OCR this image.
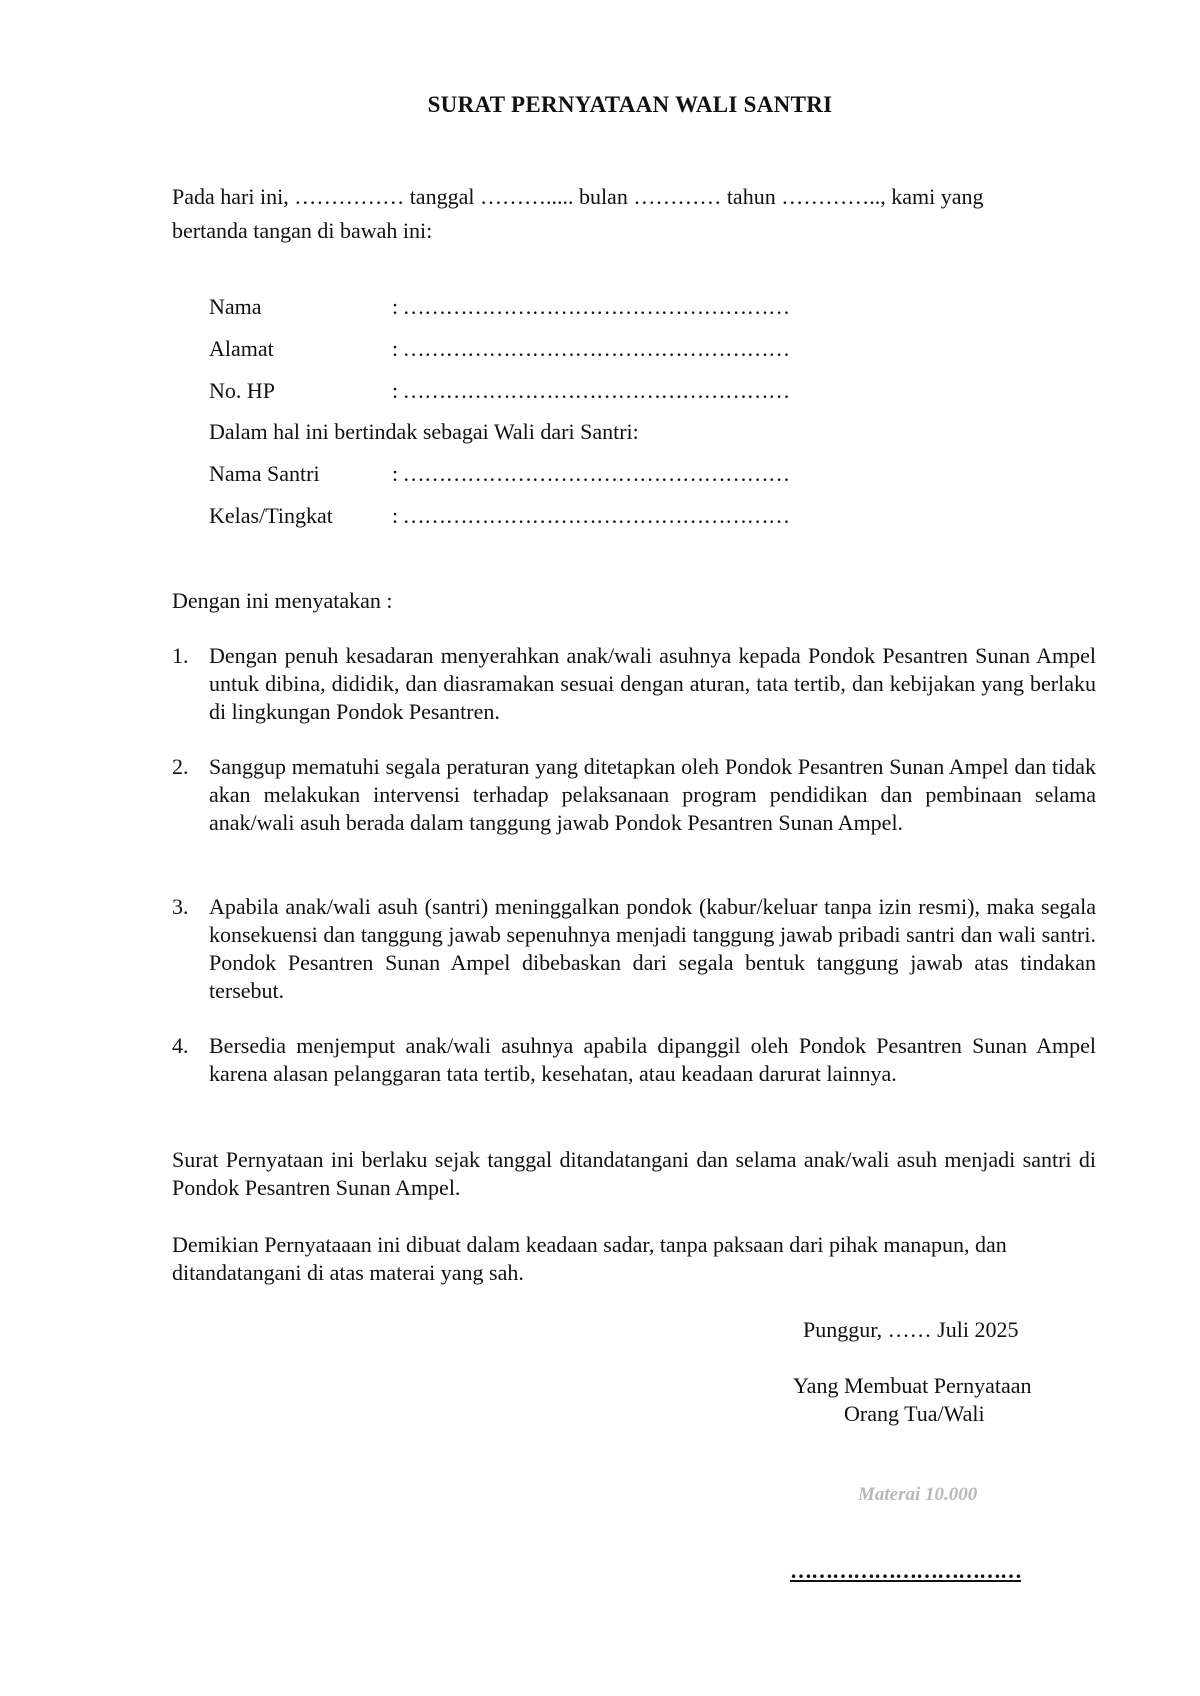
SURAT PERNYATAAN WALI SANTRI
Pada hari ini, …………… tanggal ………..... bulan ………… tahun ………….., kami yang
bertanda tangan di bawah ini:
Nama	: ………………………………………………
Alamat	: ………………………………………………
No. HP	: ………………………………………………
Dalam hal ini bertindak sebagai Wali dari Santri:
Nama Santri	: ………………………………………………
Kelas/Tingkat	: ………………………………………………
Dengan ini menyatakan :
1. Dengan penuh kesadaran menyerahkan anak/wali asuhnya kepada Pondok Pesantren Sunan Ampel untuk dibina, dididik, dan diasramakan sesuai dengan aturan, tata tertib, dan kebijakan yang berlaku di lingkungan Pondok Pesantren.
2. Sanggup mematuhi segala peraturan yang ditetapkan oleh Pondok Pesantren Sunan Ampel dan tidak akan melakukan intervensi terhadap pelaksanaan program pendidikan dan pembinaan selama anak/wali asuh berada dalam tanggung jawab Pondok Pesantren Sunan Ampel.
3. Apabila anak/wali asuh (santri) meninggalkan pondok (kabur/keluar tanpa izin resmi), maka segala konsekuensi dan tanggung jawab sepenuhnya menjadi tanggung jawab pribadi santri dan wali santri. Pondok Pesantren Sunan Ampel dibebaskan dari segala bentuk tanggung jawab atas tindakan tersebut.
4. Bersedia menjemput anak/wali asuhnya apabila dipanggil oleh Pondok Pesantren Sunan Ampel karena alasan pelanggaran tata tertib, kesehatan, atau keadaan darurat lainnya.
Surat Pernyataan ini berlaku sejak tanggal ditandatangani dan selama anak/wali asuh menjadi santri di Pondok Pesantren Sunan Ampel.
Demikian Pernyataaan ini dibuat dalam keadaan sadar, tanpa paksaan dari pihak manapun, dan ditandatangani di atas materai yang sah.
Punggur, …… Juli 2025
Yang Membuat Pernyataan
Orang Tua/Wali
Materai 10.000
……………………………
